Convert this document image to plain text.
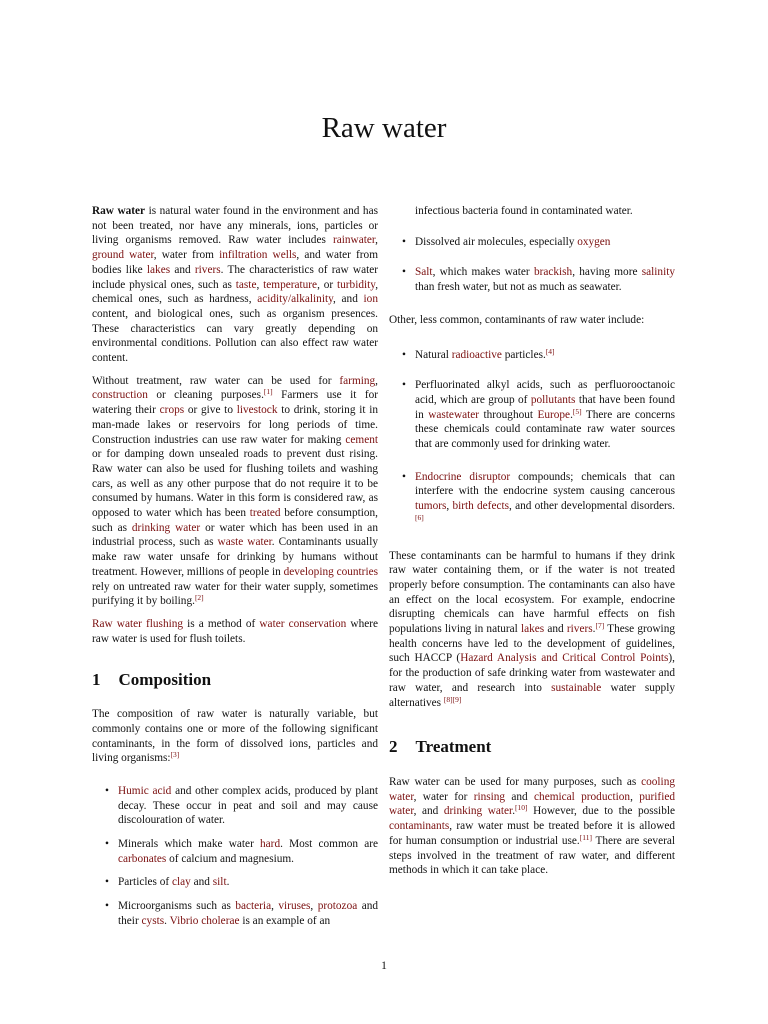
Raw water

Raw water is natural water found in the environment and has not been treated, nor have any minerals, ions, particles or living organisms removed. Raw water includes rainwater, ground water, water from infiltration wells, and water from bodies like lakes and rivers. The characteristics of raw water include physical ones, such as taste, temperature, or turbidity, chemical ones, such as hardness, acidity/alkalinity, and ion content, and biological ones, such as organism presences. These characteristics can vary greatly depending on environmental conditions. Pollution can also effect raw water content.

Without treatment, raw water can be used for farming, construction or cleaning purposes.[1] Farmers use it for watering their crops or give to livestock to drink, storing it in man-made lakes or reservoirs for long periods of time. Construction industries can use raw water for making cement or for damping down unsealed roads to prevent dust rising. Raw water can also be used for flushing toilets and washing cars, as well as any other purpose that do not require it to be consumed by humans. Water in this form is considered raw, as opposed to water which has been treated before consumption, such as drinking water or water which has been used in an industrial process, such as waste water. Contaminants usually make raw water unsafe for drinking by humans without treatment. However, millions of people in developing countries rely on untreated raw water for their water supply, sometimes purifying it by boiling.[2]

Raw water flushing is a method of water conservation where raw water is used for flush toilets.

1 Composition

The composition of raw water is naturally variable, but commonly contains one or more of the following significant contaminants, in the form of dissolved ions, particles and living organisms:[3]

• Humic acid and other complex acids, produced by plant decay. These occur in peat and soil and may cause discolouration of water.
• Minerals which make water hard. Most common are carbonates of calcium and magnesium.
• Particles of clay and silt.
• Microorganisms such as bacteria, viruses, protozoa and their cysts. Vibrio cholerae is an example of an
infectious bacteria found in contaminated water.
• Dissolved air molecules, especially oxygen
• Salt, which makes water brackish, having more salinity than fresh water, but not as much as seawater.

Other, less common, contaminants of raw water include:

• Natural radioactive particles.[4]
• Perfluorinated alkyl acids, such as perfluorooctanoic acid, which are group of pollutants that have been found in wastewater throughout Europe.[5] There are concerns these chemicals could contaminate raw water sources that are commonly used for drinking water.
• Endocrine disruptor compounds; chemicals that can interfere with the endocrine system causing cancerous tumors, birth defects, and other developmental disorders.[6]

These contaminants can be harmful to humans if they drink raw water containing them, or if the water is not treated properly before consumption. The contaminants can also have an effect on the local ecosystem. For example, endocrine disrupting chemicals can have harmful effects on fish populations living in natural lakes and rivers.[7] These growing health concerns have led to the development of guidelines, such HACCP (Hazard Analysis and Critical Control Points), for the production of safe drinking water from wastewater and raw water, and research into sustainable water supply alternatives [8][9]

2 Treatment

Raw water can be used for many purposes, such as cooling water, water for rinsing and chemical production, purified water, and drinking water.[10] However, due to the possible contaminants, raw water must be treated before it is allowed for human consumption or industrial use.[11] There are several steps involved in the treatment of raw water, and different methods in which it can take place.

1
